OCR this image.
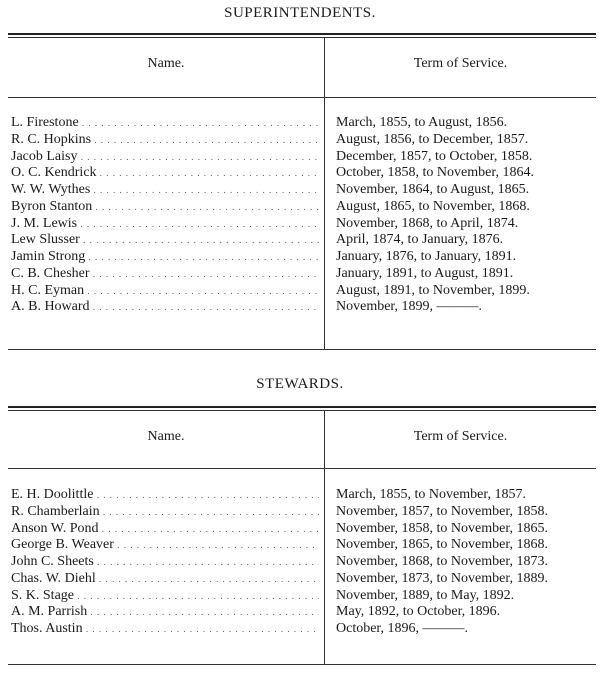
SUPERINTENDENTS.
Name.	Term of Service.
L. Firestone . . .	March, 1855, to August, 1856.
R. C. Hopkins . . .	August, 1856, to December, 1857.
Jacob Laisy . . .	December, 1857, to October, 1858.
O. C. Kendrick . . .	October, 1858, to November, 1864.
W. W. Wythes . . .	November, 1864, to August, 1865.
Byron Stanton . . .	August, 1865, to November, 1868.
J. M. Lewis . . .	November, 1868, to April, 1874.
Lew Slusser . . .	April, 1874, to January, 1876.
Jamin Strong . . .	January, 1876, to January, 1891.
C. B. Chesher . . .	January, 1891, to August, 1891.
H. C. Eyman . . .	August, 1891, to November, 1899.
A. B. Howard . . .	November, 1899, ———.
STEWARDS.
Name.	Term of Service.
E. H. Doolittle . . .	March, 1855, to November, 1857.
R. Chamberlain . . .	November, 1857, to November, 1858.
Anson W. Pond . . .	November, 1858, to November, 1865.
George B. Weaver . . .	November, 1865, to November, 1868.
John C. Sheets . . .	November, 1868, to November, 1873.
Chas. W. Diehl . . .	November, 1873, to November, 1889.
S. K. Stage . . .	November, 1889, to May, 1892.
A. M. Parrish . . .	May, 1892, to October, 1896.
Thos. Austin . . .	October, 1896, ———.
